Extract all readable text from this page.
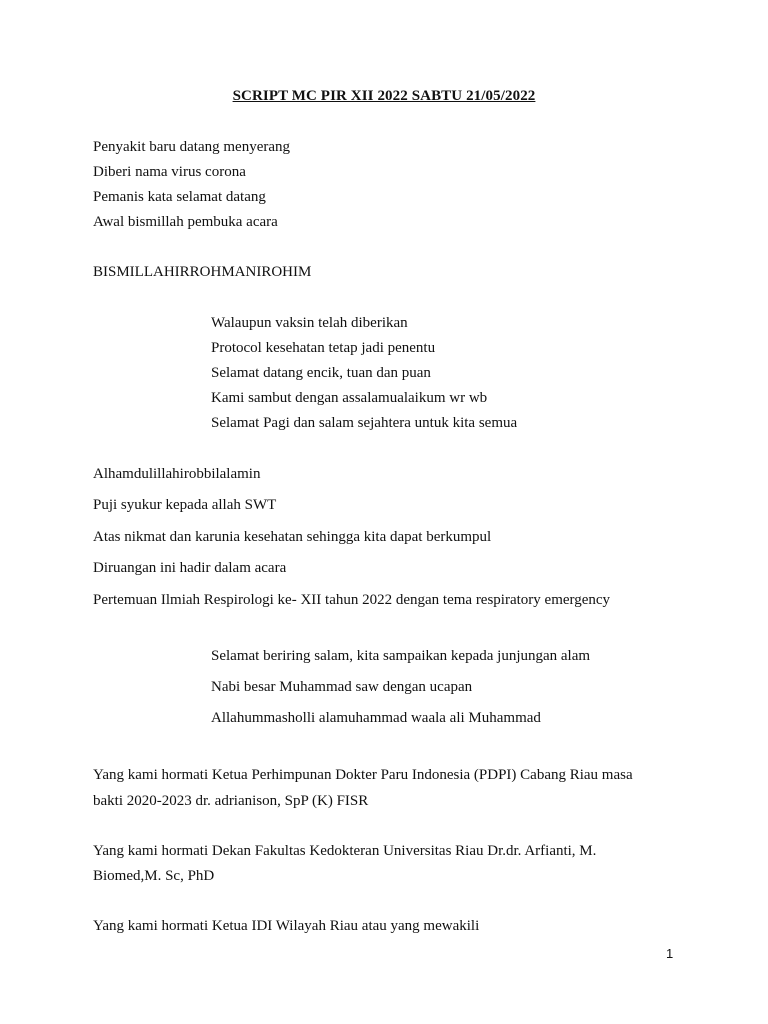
SCRIPT MC PIR XII 2022 SABTU 21/05/2022
Penyakit baru datang menyerang
Diberi nama virus corona
Pemanis kata selamat datang
Awal bismillah pembuka acara
BISMILLAHIRROHMANIROHIM
Walaupun vaksin telah diberikan
Protocol kesehatan tetap jadi penentu
Selamat datang encik, tuan dan puan
Kami sambut dengan assalamualaikum wr wb
Selamat Pagi dan salam sejahtera untuk kita semua
Alhamdulillahirobbilalamin
Puji syukur kepada allah SWT
Atas nikmat dan karunia kesehatan sehingga kita dapat berkumpul
Diruangan ini hadir dalam acara
Pertemuan Ilmiah Respirologi ke- XII tahun 2022 dengan tema respiratory emergency
Selamat beriring salam, kita sampaikan kepada junjungan alam
Nabi besar Muhammad saw dengan ucapan
Allahummasholli alamuhammad waala ali Muhammad
Yang kami hormati Ketua Perhimpunan Dokter Paru Indonesia (PDPI) Cabang Riau masa
bakti 2020-2023 dr. adrianison, SpP (K) FISR
Yang kami hormati Dekan Fakultas Kedokteran Universitas Riau Dr.dr. Arfianti, M.
Biomed,M. Sc, PhD
Yang kami hormati Ketua IDI Wilayah Riau atau yang mewakili
1
